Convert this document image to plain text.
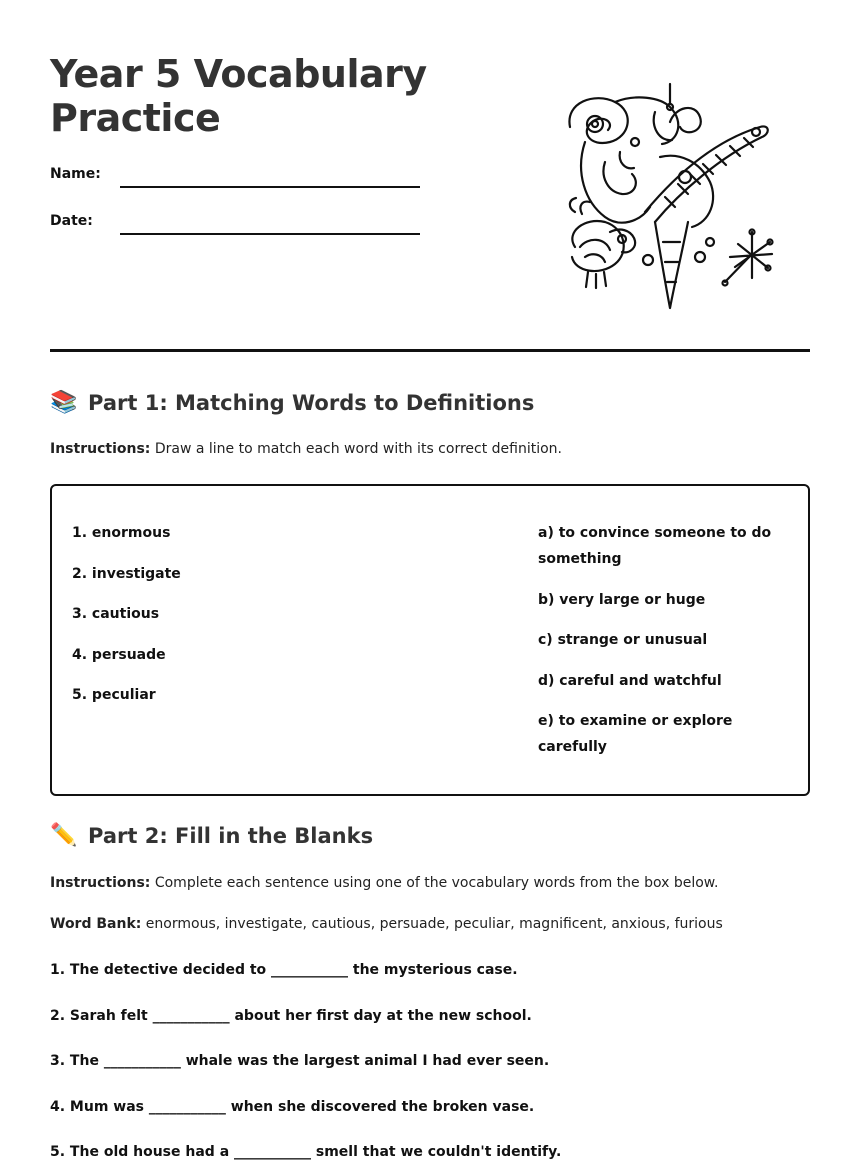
Year 5 Vocabulary
Practice
Name:
Date:
📚 Part 1: Matching Words to Definitions
Instructions: Draw a line to match each word with its correct definition.
1. enormous
2. investigate
3. cautious
4. persuade
5. peculiar
a) to convince someone to do something
b) very large or huge
c) strange or unusual
d) careful and watchful
e) to examine or explore carefully
✏️ Part 2: Fill in the Blanks
Instructions: Complete each sentence using one of the vocabulary words from the box below.
Word Bank: enormous, investigate, cautious, persuade, peculiar, magnificent, anxious, furious
1. The detective decided to ___________ the mysterious case.
2. Sarah felt ___________ about her first day at the new school.
3. The ___________ whale was the largest animal I had ever seen.
4. Mum was ___________ when she discovered the broken vase.
5. The old house had a ___________ smell that we couldn't identify.
